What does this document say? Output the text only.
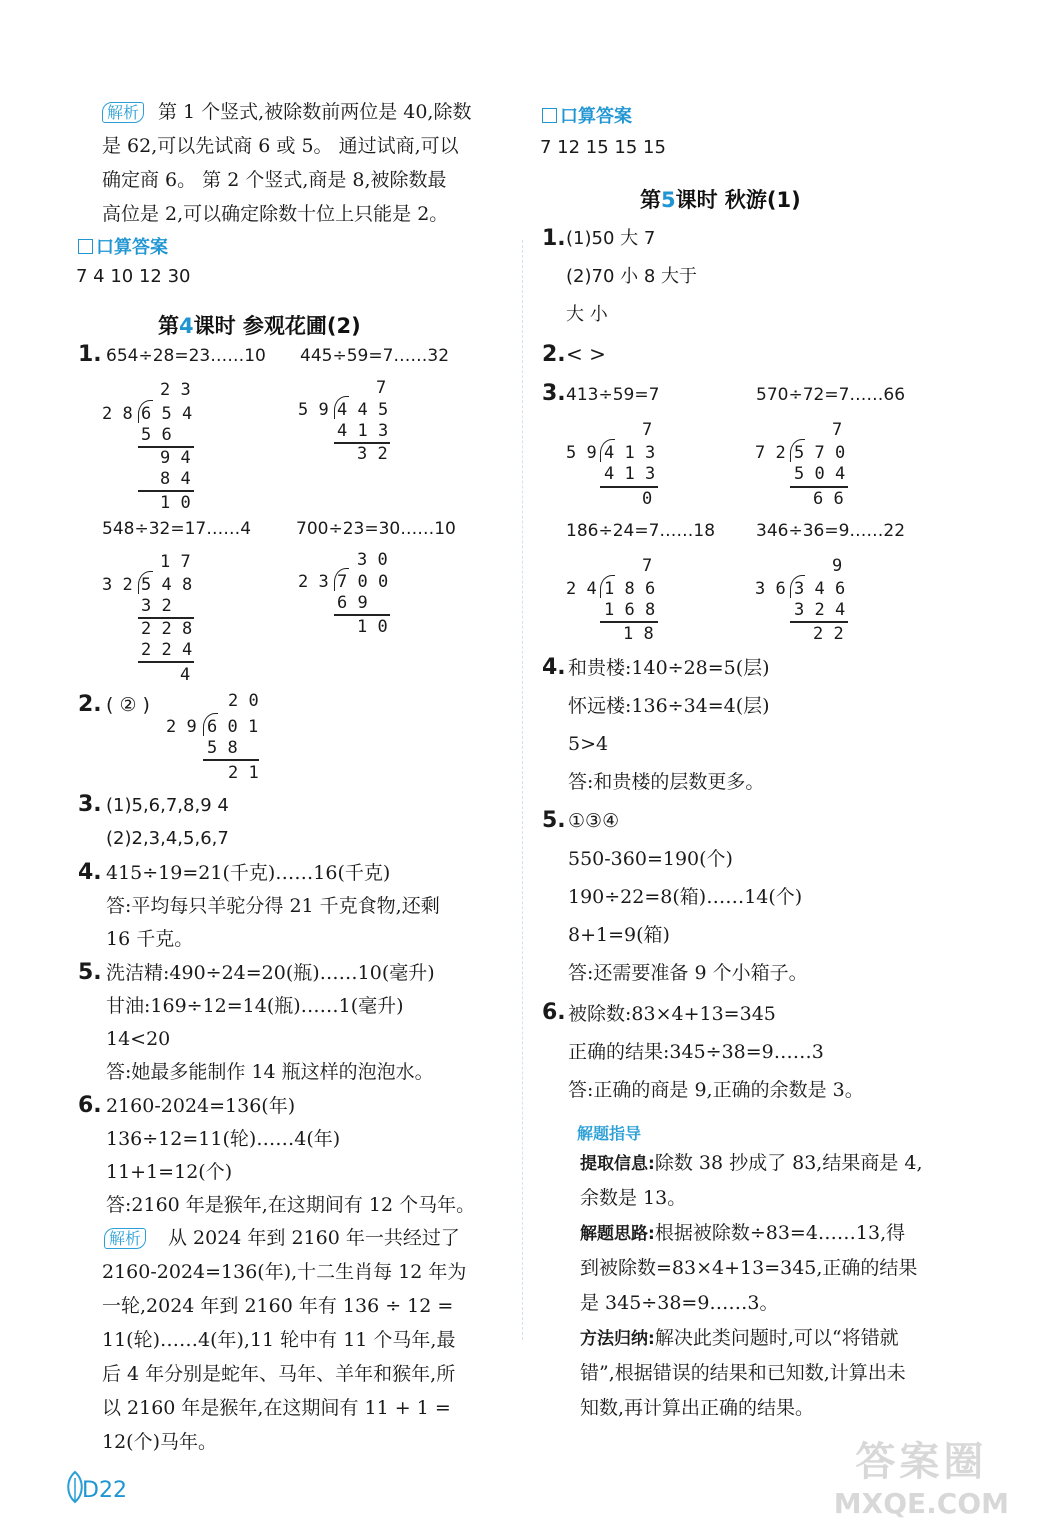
解析 第 1 个竖式,被除数前两位是 40,除数
是 62,可以先试商 6 或 5。 通过试商,可以
确定商 6。 第 2 个竖式,商是 8,被除数最
高位是 2,可以确定除数十位上只能是 2。
口算答案
7 4 10 12 30
第4课时 参观花圃(2)
1. 654÷28=23……10 445÷59=7……32
2 3
2 8 6 5 4
5 6
9 4
8 4
1 0
7
5 9 4 4 5
4 1 3
3 2
548÷32=17……4	700÷23=30……10
1 7
3 2 5 4 8
3 2
2 2 8
2 2 4
4
3 0
2 3 7 0 0
6 9
1 0
2. ( ② )	2 0
2 9 6 0 1
5 8
2 1
3. (1)5,6,7,8,9 4
(2)2,3,4,5,6,7
4. 415÷19=21(千克)……16(千克)
答:平均每只羊驼分得 21 千克食物,还剩
16 千克。
5. 洗洁精:490÷24=20(瓶)……10(毫升)
甘油:169÷12=14(瓶)……1(毫升)
14<20
答:她最多能制作 14 瓶这样的泡泡水。
6. 2160-2024=136(年)
136÷12=11(轮)……4(年)
11+1=12(个)
答:2160 年是猴年,在这期间有 12 个马年。
解析 从 2024 年到 2160 年一共经过了
2160-2024=136(年),十二生肖每 12 年为
一轮,2024 年到 2160 年有 136 ÷ 12 =
11(轮)……4(年),11 轮中有 11 个马年,最
后 4 年分别是蛇年、马年、羊年和猴年,所
以 2160 年是猴年,在这期间有 11 + 1 =
12(个)马年。
口算答案
7 12 15 15 15
第5课时 秋游(1)
1. (1)50 大 7
(2)70 小 8 大于
大 小
2. < >
3. 413÷59=7	570÷72=7……66
7
5 9 4 1 3
4 1 3
0
7
7 2 5 7 0
5 0 4
6 6
186÷24=7……18 346÷36=9……22
7
2 4 1 8 6
1 6 8
1 8
9
3 6 3 4 6
3 2 4
2 2
4. 和贵楼:140÷28=5(层)
怀远楼:136÷34=4(层)
5>4
答:和贵楼的层数更多。
5. ①③④
550-360=190(个)
190÷22=8(箱)……14(个)
8+1=9(箱)
答:还需要准备 9 个小箱子。
6. 被除数:83×4+13=345
正确的结果:345÷38=9……3
答:正确的商是 9,正确的余数是 3。
解题指导
提取信息:除数 38 抄成了 83,结果商是 4,
余数是 13。
解题思路:根据被除数÷83=4……13,得
到被除数=83×4+13=345,正确的结果
是 345÷38=9……3。
方法归纳:解决此类问题时,可以“将错就
错”,根据错误的结果和已知数,计算出未
知数,再计算出正确的结果。
D22
答案圈
MXQE.COM
